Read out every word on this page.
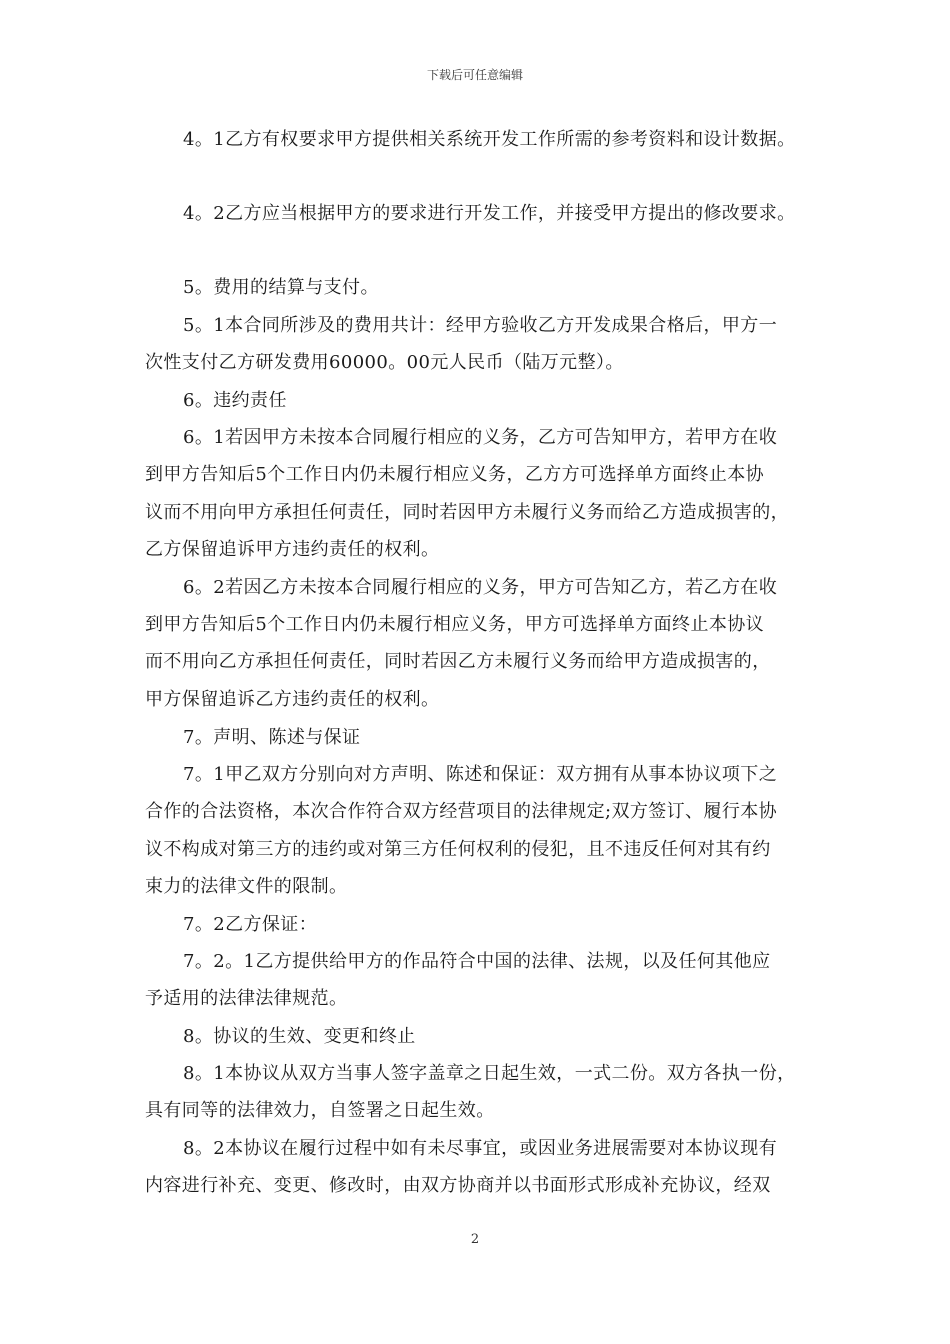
下载后可任意编辑
4。1乙方有权要求甲方提供相关系统开发工作所需的参考资料和设计数据。
4。2乙方应当根据甲方的要求进行开发工作，并接受甲方提出的修改要求。
5。费用的结算与支付。
5。1本合同所涉及的费用共计：经甲方验收乙方开发成果合格后，甲方一
次性支付乙方研发费用60000。00元人民币（陆万元整）。
6。违约责任
6。1若因甲方未按本合同履行相应的义务，乙方可告知甲方，若甲方在收
到甲方告知后5个工作日内仍未履行相应义务，乙方方可选择单方面终止本协
议而不用向甲方承担任何责任，同时若因甲方未履行义务而给乙方造成损害的，
乙方保留追诉甲方违约责任的权利。
6。2若因乙方未按本合同履行相应的义务，甲方可告知乙方，若乙方在收
到甲方告知后5个工作日内仍未履行相应义务，甲方可选择单方面终止本协议
而不用向乙方承担任何责任，同时若因乙方未履行义务而给甲方造成损害的，
甲方保留追诉乙方违约责任的权利。
7。声明、陈述与保证
7。1甲乙双方分别向对方声明、陈述和保证：双方拥有从事本协议项下之
合作的合法资格，本次合作符合双方经营项目的法律规定;双方签订、履行本协
议不构成对第三方的违约或对第三方任何权利的侵犯，且不违反任何对其有约
束力的法律文件的限制。
7。2乙方保证：
7。2。1乙方提供给甲方的作品符合中国的法律、法规，以及任何其他应
予适用的法律法律规范。
8。协议的生效、变更和终止
8。1本协议从双方当事人签字盖章之日起生效，一式二份。双方各执一份，
具有同等的法律效力，自签署之日起生效。
8。2本协议在履行过程中如有未尽事宜，或因业务进展需要对本协议现有
内容进行补充、变更、修改时，由双方协商并以书面形式形成补充协议，经双
2
